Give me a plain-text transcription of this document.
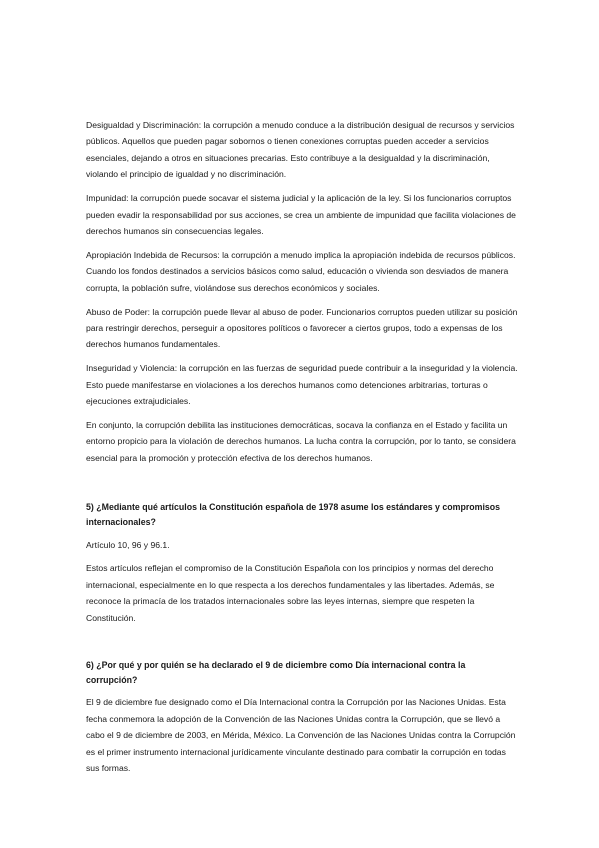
Desigualdad y Discriminación: la corrupción a menudo conduce a la distribución desigual de recursos y servicios públicos. Aquellos que pueden pagar sobornos o tienen conexiones corruptas pueden acceder a servicios esenciales, dejando a otros en situaciones precarias. Esto contribuye a la desigualdad y la discriminación, violando el principio de igualdad y no discriminación.

Impunidad: la corrupción puede socavar el sistema judicial y la aplicación de la ley. Si los funcionarios corruptos pueden evadir la responsabilidad por sus acciones, se crea un ambiente de impunidad que facilita violaciones de derechos humanos sin consecuencias legales.

Apropiación Indebida de Recursos: la corrupción a menudo implica la apropiación indebida de recursos públicos. Cuando los fondos destinados a servicios básicos como salud, educación o vivienda son desviados de manera corrupta, la población sufre, violándose sus derechos económicos y sociales.

Abuso de Poder: la corrupción puede llevar al abuso de poder. Funcionarios corruptos pueden utilizar su posición para restringir derechos, perseguir a opositores políticos o favorecer a ciertos grupos, todo a expensas de los derechos humanos fundamentales.

Inseguridad y Violencia: la corrupción en las fuerzas de seguridad puede contribuir a la inseguridad y la violencia. Esto puede manifestarse en violaciones a los derechos humanos como detenciones arbitrarias, torturas o ejecuciones extrajudiciales.

En conjunto, la corrupción debilita las instituciones democráticas, socava la confianza en el Estado y facilita un entorno propicio para la violación de derechos humanos. La lucha contra la corrupción, por lo tanto, se considera esencial para la promoción y protección efectiva de los derechos humanos.

5) ¿Mediante qué artículos la Constitución española de 1978 asume los estándares y compromisos internacionales?

Artículo 10, 96 y 96.1.

Estos artículos reflejan el compromiso de la Constitución Española con los principios y normas del derecho internacional, especialmente en lo que respecta a los derechos fundamentales y las libertades. Además, se reconoce la primacía de los tratados internacionales sobre las leyes internas, siempre que respeten la Constitución.

6) ¿Por qué y por quién se ha declarado el 9 de diciembre como Día internacional contra la corrupción?

El 9 de diciembre fue designado como el Día Internacional contra la Corrupción por las Naciones Unidas. Esta fecha conmemora la adopción de la Convención de las Naciones Unidas contra la Corrupción, que se llevó a cabo el 9 de diciembre de 2003, en Mérida, México. La Convención de las Naciones Unidas contra la Corrupción es el primer instrumento internacional jurídicamente vinculante destinado para combatir la corrupción en todas sus formas.
